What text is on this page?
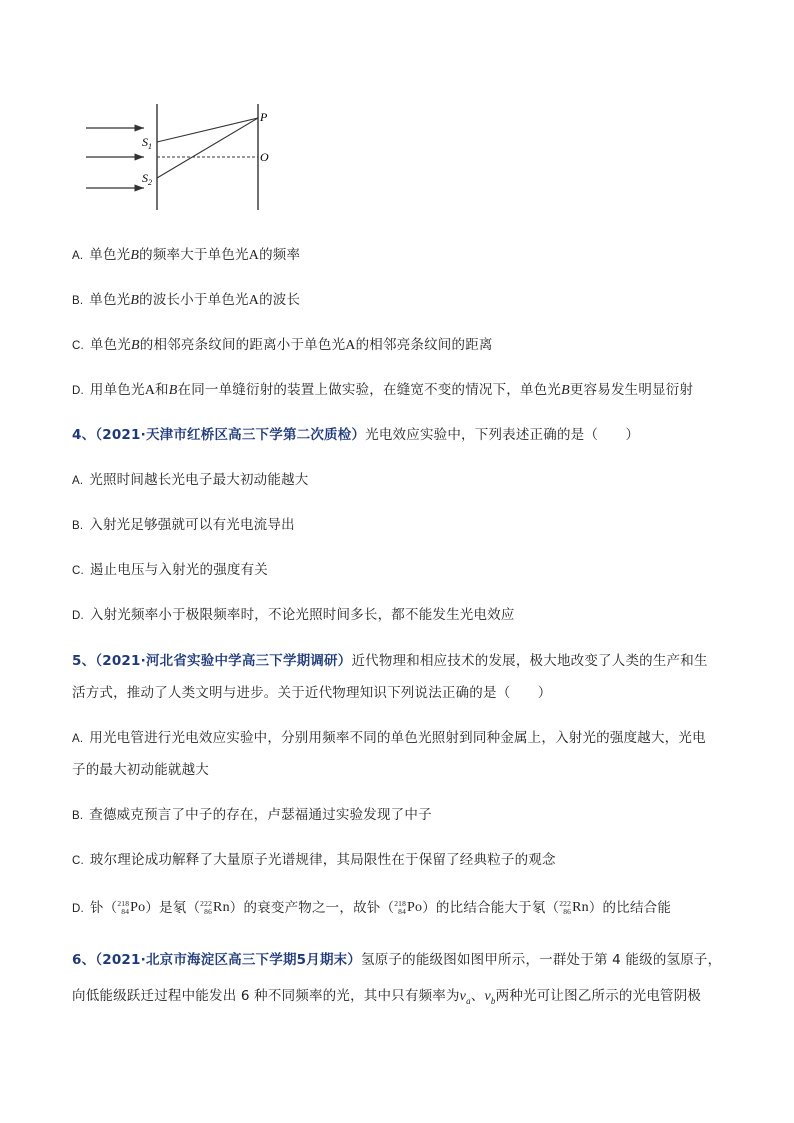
$S_1$
$S_2$
P
O
A. 单色光B的频率大于单色光A的频率
B. 单色光B的波长小于单色光A的波长
C. 单色光B的相邻亮条纹间的距离小于单色光A的相邻亮条纹间的距离
D. 用单色光A和B在同一单缝衍射的装置上做实验，在缝宽不变的情况下，单色光B更容易发生明显衍射
4、（2021·天津市红桥区高三下学第二次质检）光电效应实验中，下列表述正确的是（　　）
A. 光照时间越长光电子最大初动能越大
B. 入射光足够强就可以有光电流导出
C. 遏止电压与入射光的强度有关
D. 入射光频率小于极限频率时，不论光照时间多长，都不能发生光电效应
5、（2021·河北省实验中学高三下学期调研）近代物理和相应技术的发展，极大地改变了人类的生产和生
活方式，推动了人类文明与进步。关于近代物理知识下列说法正确的是（　　）
A. 用光电管进行光电效应实验中，分别用频率不同的单色光照射到同种金属上，入射光的强度越大，光电
子的最大初动能就越大
B. 查德威克预言了中子的存在，卢瑟福通过实验发现了中子
C. 玻尔理论成功解释了大量原子光谱规律，其局限性在于保留了经典粒子的观念
D. 钋（ 218
84 Po ）是氡（ 222
86 Rn ）的衰变产物之一，故钋（ 218
84 Po ）的比结合能大于氡（ 222
86 Rn ）的比结合能
6、（2021·北京市海淀区高三下学期5月期末）氢原子的能级图如图甲所示，一群处于第 4 能级的氢原子，
向低能级跃迁过程中能发出 6 种不同频率的光，其中只有频率为$\nu_a$、$\nu_b$两种光可让图乙所示的光电管阴极
